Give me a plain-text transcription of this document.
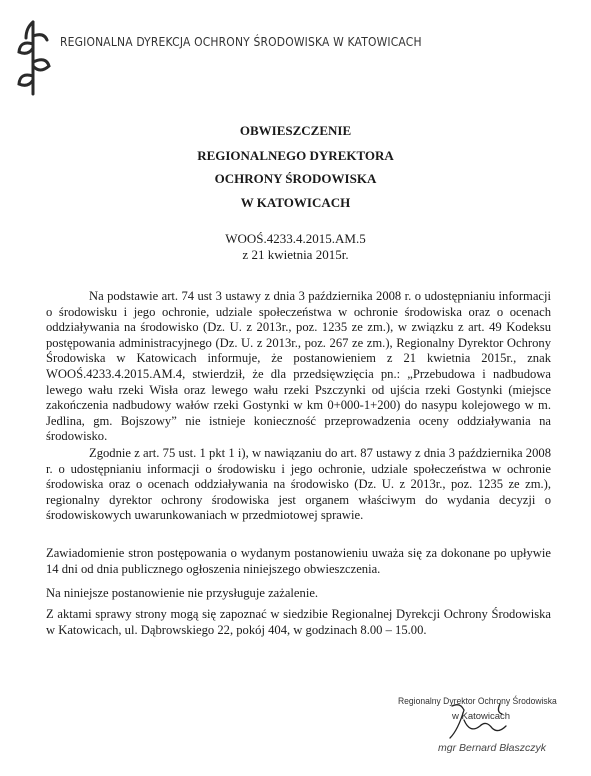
REGIONALNA DYREKCJA OCHRONY ŚRODOWISKA W KATOWICACH
OBWIESZCZENIE
REGIONALNEGO DYREKTORA
OCHRONY ŚRODOWISKA
W KATOWICACH
WOOŚ.4233.4.2015.AM.5
z 21 kwietnia 2015r.

Na podstawie art. 74 ust 3 ustawy z dnia 3 października 2008 r. o udostępnianiu informacji o środowisku i jego ochronie, udziale społeczeństwa w ochronie środowiska oraz o ocenach oddziaływania na środowisko (Dz. U. z 2013r., poz. 1235 ze zm.), w związku z art. 49 Kodeksu postępowania administracyjnego (Dz. U. z 2013r., poz. 267 ze zm.), Regionalny Dyrektor Ochrony Środowiska w Katowicach informuje, że postanowieniem z 21 kwietnia 2015r., znak WOOŚ.4233.4.2015.AM.4, stwierdził, że dla przedsięwzięcia pn.: „Przebudowa i nadbudowa lewego wału rzeki Wisła oraz lewego wału rzeki Pszczynki od ujścia rzeki Gostynki (miejsce zakończenia nadbudowy wałów rzeki Gostynki w km 0+000-1+200) do nasypu kolejowego w m. Jedlina, gm. Bojszowy” nie istnieje konieczność przeprowadzenia oceny oddziaływania na środowisko.

Zgodnie z art. 75 ust. 1 pkt 1 i), w nawiązaniu do art. 87 ustawy z dnia 3 października 2008 r. o udostępnianiu informacji o środowisku i jego ochronie, udziale społeczeństwa w ochronie środowiska oraz o ocenach oddziaływania na środowisko (Dz. U. z 2013r., poz. 1235 ze zm.), regionalny dyrektor ochrony środowiska jest organem właściwym do wydania decyzji o środowiskowych uwarunkowaniach w przedmiotowej sprawie.

Zawiadomienie stron postępowania o wydanym postanowieniu uważa się za dokonane po upływie 14 dni od dnia publicznego ogłoszenia niniejszego obwieszczenia.

Na niniejsze postanowienie nie przysługuje zażalenie.

Z aktami sprawy strony mogą się zapoznać w siedzibie Regionalnej Dyrekcji Ochrony Środowiska w Katowicach, ul. Dąbrowskiego 22, pokój 404, w godzinach 8.00 – 15.00.

Regionalny Dyrektor Ochrony Środowiska
w Katowicach
mgr Bernard Błaszczyk
